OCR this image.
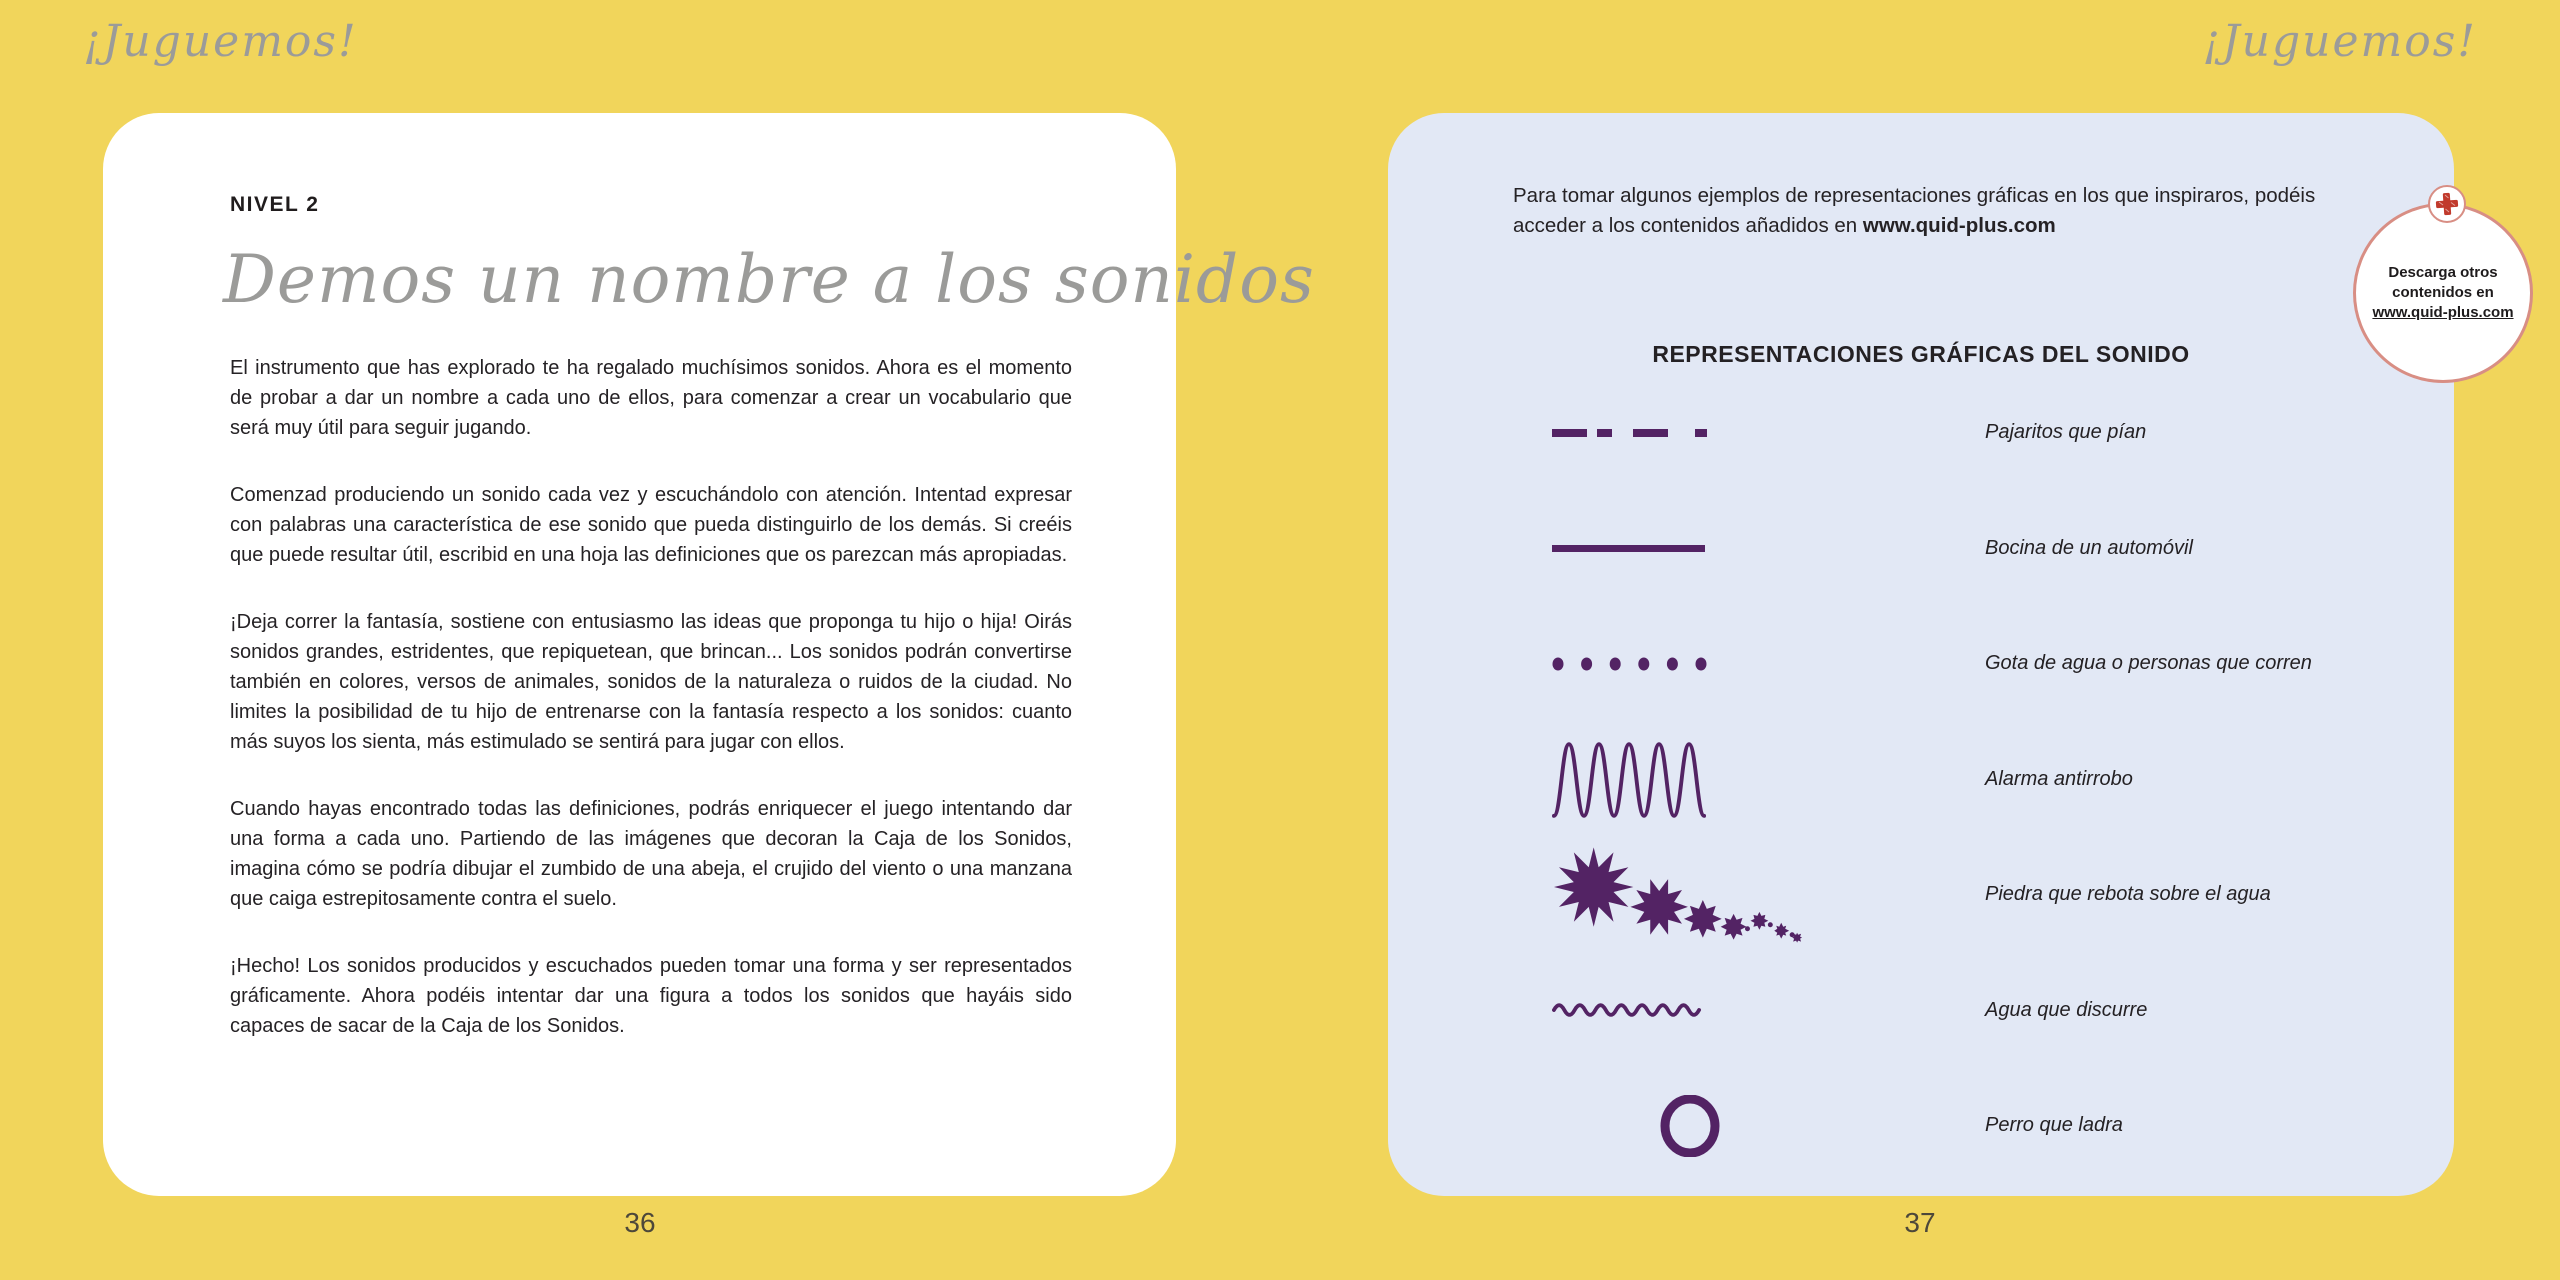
¡Juguemos!	¡Juguemos!
NIVEL 2
Demos un nombre a los sonidos

El instrumento que has explorado te ha regalado muchísimos sonidos. Ahora es el momento de probar a dar un nombre a cada uno de ellos, para comenzar a crear un vocabulario que será muy útil para seguir jugando.

Comenzad produciendo un sonido cada vez y escuchándolo con atención. Intentad expresar con palabras una característica de ese sonido que pueda distinguirlo de los demás. Si creéis que puede resultar útil, escribid en una hoja las definiciones que os parezcan más apropiadas.

¡Deja correr la fantasía, sostiene con entusiasmo las ideas que proponga tu hijo o hija! Oirás sonidos grandes, estridentes, que repiquetean, que brincan... Los sonidos podrán convertirse también en colores, versos de animales, sonidos de la naturaleza o ruidos de la ciudad. No limites la posibilidad de tu hijo de entrenarse con la fantasía respecto a los sonidos: cuanto más suyos los sienta, más estimulado se sentirá para jugar con ellos.

Cuando hayas encontrado todas las definiciones, podrás enriquecer el juego intentando dar una forma a cada uno. Partiendo de las imágenes que decoran la Caja de los Sonidos, imagina cómo se podría dibujar el zumbido de una abeja, el crujido del viento o una manzana que caiga estrepitosamente contra el suelo.

¡Hecho! Los sonidos producidos y escuchados pueden tomar una forma y ser representados gráficamente. Ahora podéis intentar dar una figura a todos los sonidos que hayáis sido capaces de sacar de la Caja de los Sonidos.

Para tomar algunos ejemplos de representaciones gráficas en los que inspiraros, podéis acceder a los contenidos añadidos en www.quid-plus.com
REPRESENTACIONES GRÁFICAS DEL SONIDO
Pajaritos que pían
Bocina de un automóvil
Gota de agua o personas que corren
Alarma antirrobo
Piedra que rebota sobre el agua
Agua que discurre
Perro que ladra
Descarga otros
contenidos en
www.quid-plus.com
36	37
